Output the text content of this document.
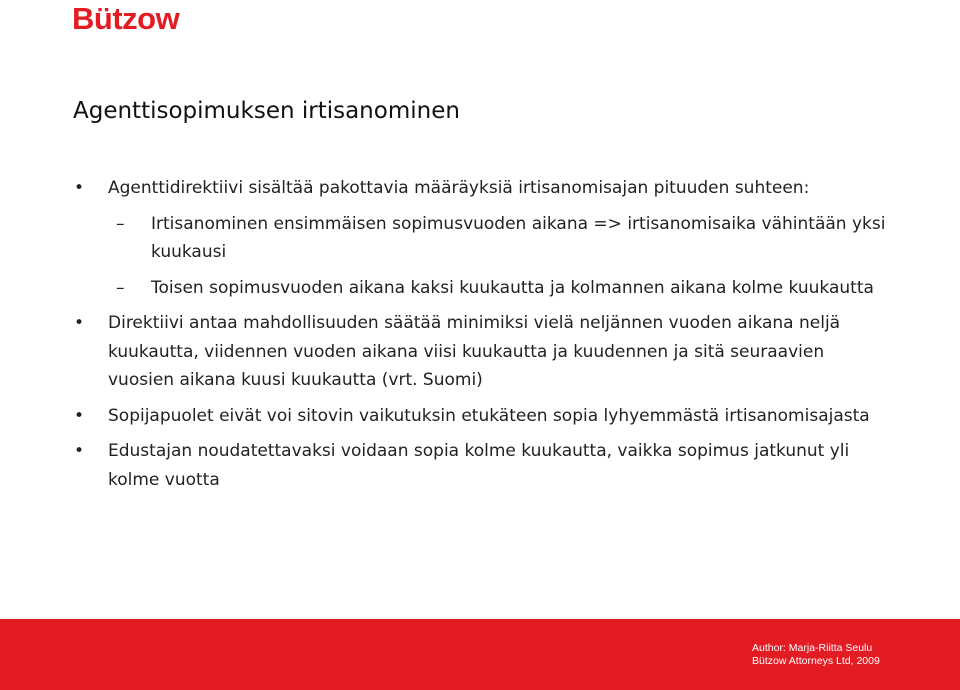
Bützow
Agenttisopimuksen irtisanominen
•	Agenttidirektiivi sisältää pakottavia määräyksiä irtisanomisajan pituuden suhteen:
–	Irtisanominen ensimmäisen sopimusvuoden aikana => irtisanomisaika vähintään yksi kuukausi
–	Toisen sopimusvuoden aikana kaksi kuukautta ja kolmannen aikana kolme kuukautta
•	Direktiivi antaa mahdollisuuden säätää minimiksi vielä neljännen vuoden aikana neljä kuukautta, viidennen vuoden aikana viisi kuukautta ja kuudennen ja sitä seuraavien vuosien aikana kuusi kuukautta (vrt. Suomi)
•	Sopijapuolet eivät voi sitovin vaikutuksin etukäteen sopia lyhyemmästä irtisanomisajasta
•	Edustajan noudatettavaksi voidaan sopia kolme kuukautta, vaikka sopimus jatkunut yli kolme vuotta
Author: Marja-Riitta Seulu
Bützow Attorneys Ltd, 2009
